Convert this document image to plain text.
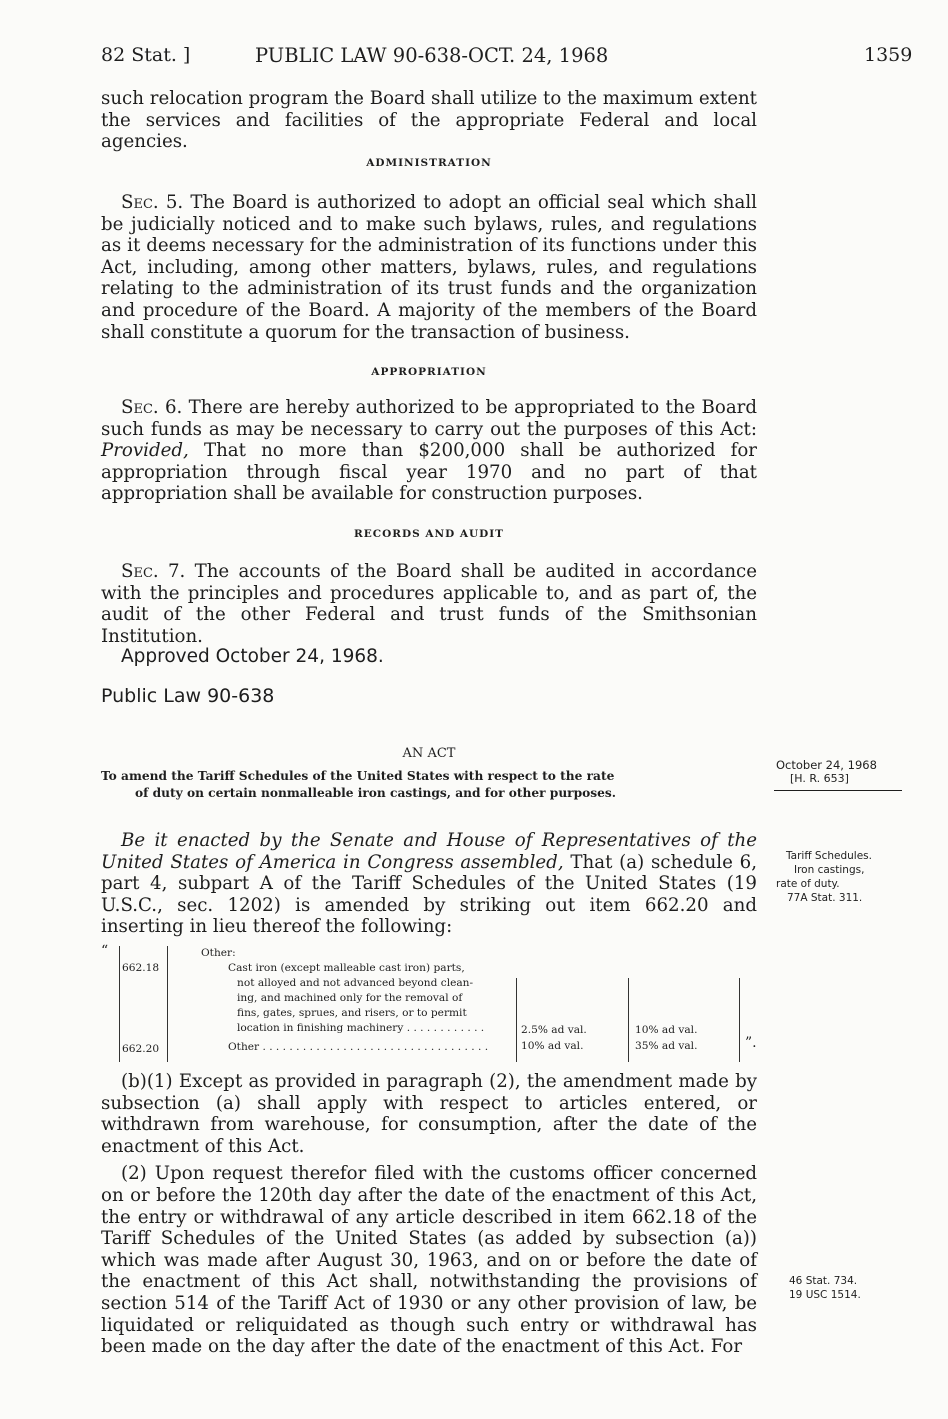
82 Stat. ]	PUBLIC LAW 90-638-OCT. 24, 1968	1359

such relocation program the Board shall utilize to the maximum extent the services and facilities of the appropriate Federal and local agencies.

ADMINISTRATION

Sec. 5. The Board is authorized to adopt an official seal which shall be judicially noticed and to make such bylaws, rules, and regulations as it deems necessary for the administration of its functions under this Act, including, among other matters, bylaws, rules, and regulations relating to the administration of its trust funds and the organization and procedure of the Board. A majority of the members of the Board shall constitute a quorum for the transaction of business.

APPROPRIATION

Sec. 6. There are hereby authorized to be appropriated to the Board such funds as may be necessary to carry out the purposes of this Act: Provided, That no more than $200,000 shall be authorized for appropriation through fiscal year 1970 and no part of that appropriation shall be available for construction purposes.

RECORDS AND AUDIT

Sec. 7. The accounts of the Board shall be audited in accordance with the principles and procedures applicable to, and as part of, the audit of the other Federal and trust funds of the Smithsonian Institution.

Approved October 24, 1968.
Public Law 90-638
AN ACT
To amend the Tariff Schedules of the United States with respect to the rate
of duty on certain nonmalleable iron castings, and for other purposes.
October 24, 1968
[H. R. 653]
Tariff Schedules.
Iron castings,
rate of duty.
77A Stat. 311.
46 Stat. 734.
19 USC 1514.

Be it enacted by the Senate and House of Representatives of the United States of America in Congress assembled, That (a) schedule 6, part 4, subpart A of the Tariff Schedules of the United States (19 U.S.C., sec. 1202) is amended by striking out item 662.20 and inserting in lieu thereof the following:

“	Other:
662.18	Cast iron (except malleable cast iron) parts,
not alloyed and not advanced beyond clean-
ing, and machined only for the removal of
fins, gates, sprues, and risers, or to permit
location in finishing machinery . . . . . . . . . . . .	2.5% ad val.	10% ad val.
662.20	Other . . . . . . . . . . . . . . . . . . . . . . . . . . . . . . . . . .	10% ad val.	35% ad val.	”.

(b)(1) Except as provided in paragraph (2), the amendment made by subsection (a) shall apply with respect to articles entered, or withdrawn from warehouse, for consumption, after the date of the enactment of this Act.

(2) Upon request therefor filed with the customs officer concerned on or before the 120th day after the date of the enactment of this Act, the entry or withdrawal of any article described in item 662.18 of the Tariff Schedules of the United States (as added by subsection (a)) which was made after August 30, 1963, and on or before the date of the enactment of this Act shall, notwithstanding the provisions of section 514 of the Tariff Act of 1930 or any other provision of law, be liquidated or reliquidated as though such entry or withdrawal has been made on the day after the date of the enactment of this Act. For
